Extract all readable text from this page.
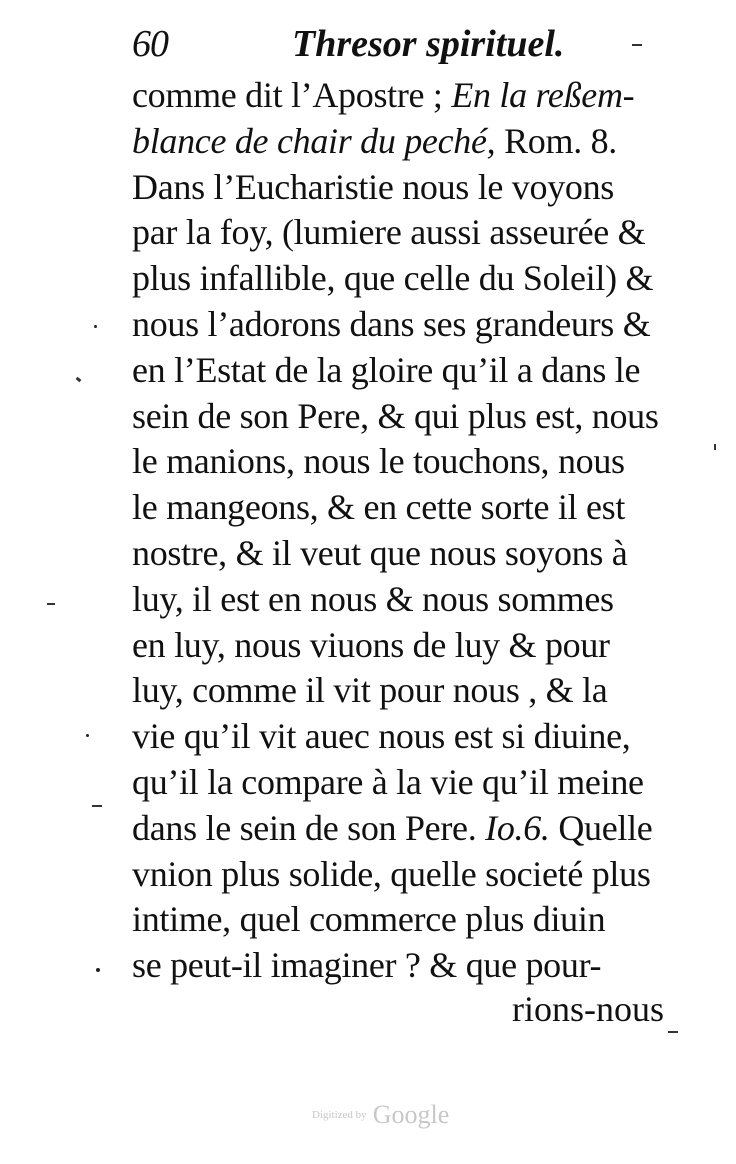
60	Thresor spirituel.
comme dit l’Apostre ; En la reßem-
blance de chair du peché, Rom. 8.
Dans l’Eucharistie nous le voyons
par la foy, (lumiere aussi asseurée &
plus infallible, que celle du Soleil) &
nous l’adorons dans ses grandeurs &
en l’Estat de la gloire qu’il a dans le
sein de son Pere, & qui plus est, nous
le manions, nous le touchons, nous
le mangeons, & en cette sorte il est
nostre, & il veut que nous soyons à
luy, il est en nous & nous sommes
en luy, nous viuons de luy & pour
luy, comme il vit pour nous , & la
vie qu’il vit auec nous est si diuine,
qu’il la compare à la vie qu’il meine
dans le sein de son Pere. Io.6. Quelle
vnion plus solide, quelle societé plus
intime, quel commerce plus diuin
se peut-il imaginer ? & que pour-
rions-nous
Digitized by Google
